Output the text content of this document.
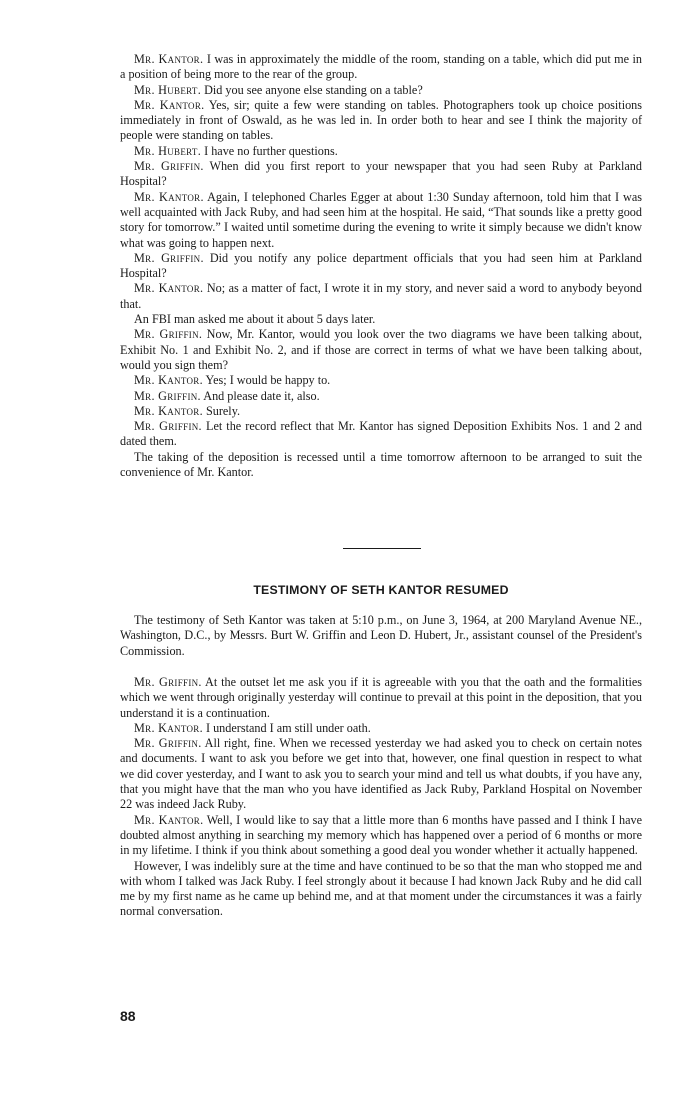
Mr. Kantor. I was in approximately the middle of the room, standing on a table, which did put me in a position of being more to the rear of the group.

Mr. Hubert. Did you see anyone else standing on a table?

Mr. Kantor. Yes, sir; quite a few were standing on tables. Photographers took up choice positions immediately in front of Oswald, as he was led in. In order both to hear and see I think the majority of people were standing on tables.

Mr. Hubert. I have no further questions.

Mr. Griffin. When did you first report to your newspaper that you had seen Ruby at Parkland Hospital?

Mr. Kantor. Again, I telephoned Charles Egger at about 1:30 Sunday afternoon, told him that I was well acquainted with Jack Ruby, and had seen him at the hospital. He said, “That sounds like a pretty good story for tomorrow.” I waited until sometime during the evening to write it simply because we didn't know what was going to happen next.

Mr. Griffin. Did you notify any police department officials that you had seen him at Parkland Hospital?

Mr. Kantor. No; as a matter of fact, I wrote it in my story, and never said a word to anybody beyond that.

An FBI man asked me about it about 5 days later.

Mr. Griffin. Now, Mr. Kantor, would you look over the two diagrams we have been talking about, Exhibit No. 1 and Exhibit No. 2, and if those are correct in terms of what we have been talking about, would you sign them?

Mr. Kantor. Yes; I would be happy to.

Mr. Griffin. And please date it, also.

Mr. Kantor. Surely.

Mr. Griffin. Let the record reflect that Mr. Kantor has signed Deposition Exhibits Nos. 1 and 2 and dated them.

The taking of the deposition is recessed until a time tomorrow afternoon to be arranged to suit the convenience of Mr. Kantor.

TESTIMONY OF SETH KANTOR RESUMED

The testimony of Seth Kantor was taken at 5:10 p.m., on June 3, 1964, at 200 Maryland Avenue NE., Washington, D.C., by Messrs. Burt W. Griffin and Leon D. Hubert, Jr., assistant counsel of the President's Commission.

Mr. Griffin. At the outset let me ask you if it is agreeable with you that the oath and the formalities which we went through originally yesterday will continue to prevail at this point in the deposition, that you understand it is a continuation.

Mr. Kantor. I understand I am still under oath.

Mr. Griffin. All right, fine. When we recessed yesterday we had asked you to check on certain notes and documents. I want to ask you before we get into that, however, one final question in respect to what we did cover yesterday, and I want to ask you to search your mind and tell us what doubts, if you have any, that you might have that the man who you have identified as Jack Ruby, Parkland Hospital on November 22 was indeed Jack Ruby.

Mr. Kantor. Well, I would like to say that a little more than 6 months have passed and I think I have doubted almost anything in searching my memory which has happened over a period of 6 months or more in my lifetime. I think if you think about something a good deal you wonder whether it actually happened.

However, I was indelibly sure at the time and have continued to be so that the man who stopped me and with whom I talked was Jack Ruby. I feel strongly about it because I had known Jack Ruby and he did call me by my first name as he came up behind me, and at that moment under the circumstances it was a fairly normal conversation.

88
